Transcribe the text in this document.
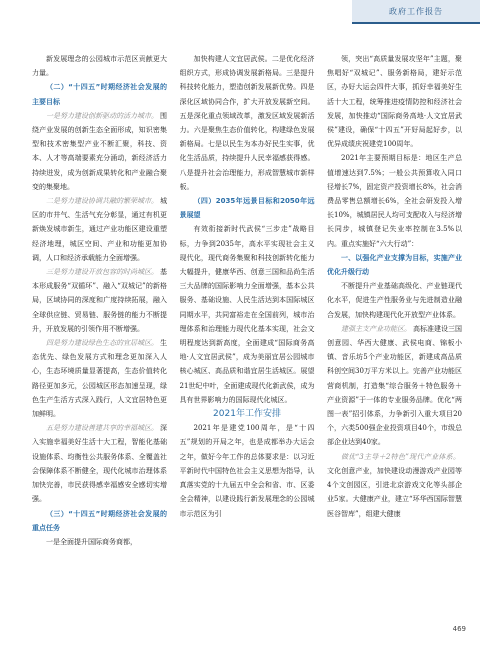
政府工作报告

新发展理念的公园城市示范区贡献更大力量。

（二）“十四五”时期经济社会发展的主要目标

一是努力建设创新驱动的活力城市。 围绕产业发展的创新生态全面形成，知识密集型和技术密集型产业不断汇聚，科技、资本、人才等高端要素充分涌动，新经济活力持续迸发，成为创新成果转化和产业融合聚变的集聚地。

二是努力建设协调共融的繁荣城市。 城区的市井气、生活气充分彰显，通过有机更新焕发城市新生，通过产业功能区建设重塑经济地理，城区空间、产业和功能更加协调，人口和经济承载能力全面增强。

三是努力建设开放包容的时尚城区。 基本形成服务“双循环”、融入“双城记”的新格局，区域协同的深度和广度持续拓展，融入全球供应链、贸易链、服务链的能力不断提升，开放发展的引领作用不断增强。

四是努力建设绿色生态的宜居城区。 生态优先、绿色发展方式和理念更加深入人心，生态环境质量显著提高，生态价值转化路径更加多元，公园城区形态加速呈现，绿色生产生活方式深入践行，人文宜居特色更加鲜明。

五是努力建设善建共享的幸福城区。 深入实施幸福美好生活十大工程，智能化基础设施体系、均衡性公共服务体系、全覆盖社会保障体系不断健全，现代化城市治理体系加快完善，市民获得感幸福感安全感切实增强。

（三）“十四五”时期经济社会发展的重点任务

一是全面提升国际商务商都，

加快构建人文宜居武侯。二是优化经济组织方式，形成协调发展新格局。三是提升科技转化能力，塑造创新发展新优势。四是深化区域协同合作，扩大开放发展新空间。五是深化重点领域改革，激发区域发展新活力。六是聚焦生态价值转化，构建绿色发展新格局。七是以民生为本办好民生实事，优化生活品质，持续提升人民幸福感获得感。八是提升社会治理能力，形成智慧城市新样板。

（四）2035年远景目标和2050年远景展望

有效衔接新时代武侯“三步走”战略目标，力争到2035年，高水平实现社会主义现代化，现代商务集聚和科技创新转化能力大幅提升，健康华西、创意三国和品尚生活三大品牌的国际影响力全面增强，基本公共服务、基础设施、人民生活达到本国际城区同期水平，共同富裕走在全国前列，城市治理体系和治理能力现代化基本实现，社会文明程度达到新高度，全面建成“国际商务高地·人文宜居武侯”，成为美丽宜居公园城市核心城区、高品质和谐宜居生活城区。展望21世纪中叶，全面建成现代化新武侯，成为具有世界影响力的国际现代化城区。

2021年工作安排

2021年是建党100周年，是“十四五”规划的开局之年，也是成都举办大运会之年，做好今年工作的总体要求是：以习近平新时代中国特色社会主义思想为指导，认真落实党的十九届五中全会和省、市、区委全会精神，以建设践行新发展理念的公园城市示范区为引

领，突出“高质量发展攻坚年”主题，聚焦唱好“双城记”、服务新格局，建好示范区，办好大运会四件大事，抓好幸福美好生活十大工程，统筹推进疫情防控和经济社会发展，加快推动“国际商务高地·人文宜居武侯”建设，确保“十四五”开好局起好步，以优异成绩庆祝建党100周年。

2021年主要预期目标是：地区生产总值增速达到7.5%；一般公共预算收入同口径增长7%，固定资产投资增长8%，社会消费品零售总额增长6%，全社会研发投入增长10%，城镇居民人均可支配收入与经济增长同步，城镇登记失业率控制在3.5%以内。重点实施好“六大行动”：

一、以强化产业支撑为目标，实施产业优化升级行动

不断提升产业基础高级化、产业链现代化水平，促进生产性服务业与先进制造业融合发展，加快构建现代化开放型产业体系。

建强主支产业功能区。 高标准建设三国创意园、华西大健康、武侯电商、锦板小镇、音乐坊5个产业功能区，新建成高品质科创空间30万平方米以上。完善产业功能区营商机制，打造集“综合服务＋特色服务＋产业资源”于一体的专业服务品牌。优化“两图一表”招引体系，力争新引入重大项目20个，六类500强企业投资项目40个，市级总部企业达到40家。

做优“3主导＋2特色”现代产业体系。文化创意产业，加快建设动漫游戏产业园等4个文创园区，引进北京游戏文化等头部企业5家。大健康产业，建立“环华西国际智慧医谷智库”，组建大健康

469
